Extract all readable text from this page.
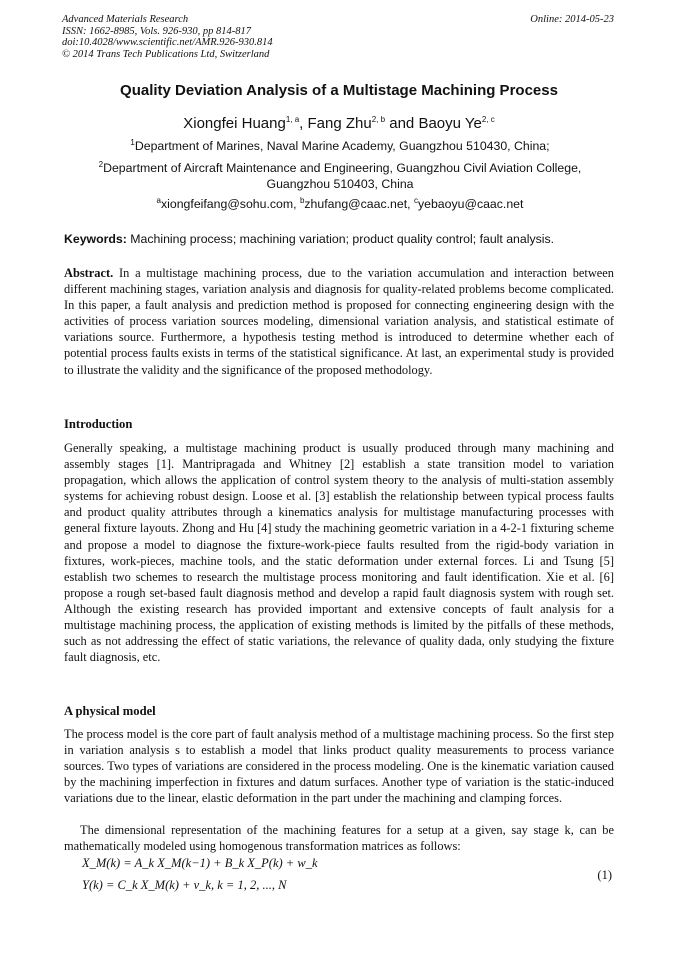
Advanced Materials Research
ISSN: 1662-8985, Vols. 926-930, pp 814-817
doi:10.4028/www.scientific.net/AMR.926-930.814
© 2014 Trans Tech Publications Ltd, Switzerland
Online: 2014-05-23
Quality Deviation Analysis of a Multistage Machining Process
Xiongfei Huang$^{1, a}$, Fang Zhu$^{2, b}$ and Baoyu Ye$^{2, c}$
$^1$Department of Marines, Naval Marine Academy, Guangzhou 510430, China;
$^2$Department of Aircraft Maintenance and Engineering, Guangzhou Civil Aviation College,
Guangzhou 510403, China
$^a$xiongfeifang@sohu.com, $^b$zhufang@caac.net, $^c$yebaoyu@caac.net
Keywords: Machining process; machining variation; product quality control; fault analysis.
Abstract. In a multistage machining process, due to the variation accumulation and interaction between different machining stages, variation analysis and diagnosis for quality-related problems become complicated. In this paper, a fault analysis and prediction method is proposed for connecting engineering design with the activities of process variation sources modeling, dimensional variation analysis, and statistical estimate of variations source. Furthermore, a hypothesis testing method is introduced to determine whether each of potential process faults exists in terms of the statistical significance. At last, an experimental study is provided to illustrate the validity and the significance of the proposed methodology.
Introduction
Generally speaking, a multistage machining product is usually produced through many machining and assembly stages [1]. Mantripragada and Whitney [2] establish a state transition model to variation propagation, which allows the application of control system theory to the analysis of multi-station assembly systems for achieving robust design. Loose et al. [3] establish the relationship between typical process faults and product quality attributes through a kinematics analysis for multistage manufacturing processes with general fixture layouts. Zhong and Hu [4] study the machining geometric variation in a 4-2-1 fixturing scheme and propose a model to diagnose the fixture-work-piece faults resulted from the rigid-body variation in fixtures, work-pieces, machine tools, and the static deformation under external forces. Li and Tsung [5] establish two schemes to research the multistage process monitoring and fault identification. Xie et al. [6] propose a rough set-based fault diagnosis method and develop a rapid fault diagnosis system with rough set. Although the existing research has provided important and extensive concepts of fault analysis for a multistage machining process, the application of existing methods is limited by the pitfalls of these methods, such as not addressing the effect of static variations, the relevance of quality dada, only studying the fixture fault diagnosis, etc.
A physical model
The process model is the core part of fault analysis method of a multistage machining process. So the first step in variation analysis s to establish a model that links product quality measurements to process variance sources. Two types of variations are considered in the process modeling. One is the kinematic variation caused by the machining imperfection in fixtures and datum surfaces. Another type of variation is the static-induced variations due to the linear, elastic deformation in the part under the machining and clamping forces.
The dimensional representation of the machining features for a setup at a given, say stage k, can be mathematically modeled using homogenous transformation matrices as follows:
X_M(k) = A_k X_M(k−1) + B_k X_P(k) + w_k
Y(k) = C_k X_M(k) + v_k, k = 1, 2, ..., N
(1)
